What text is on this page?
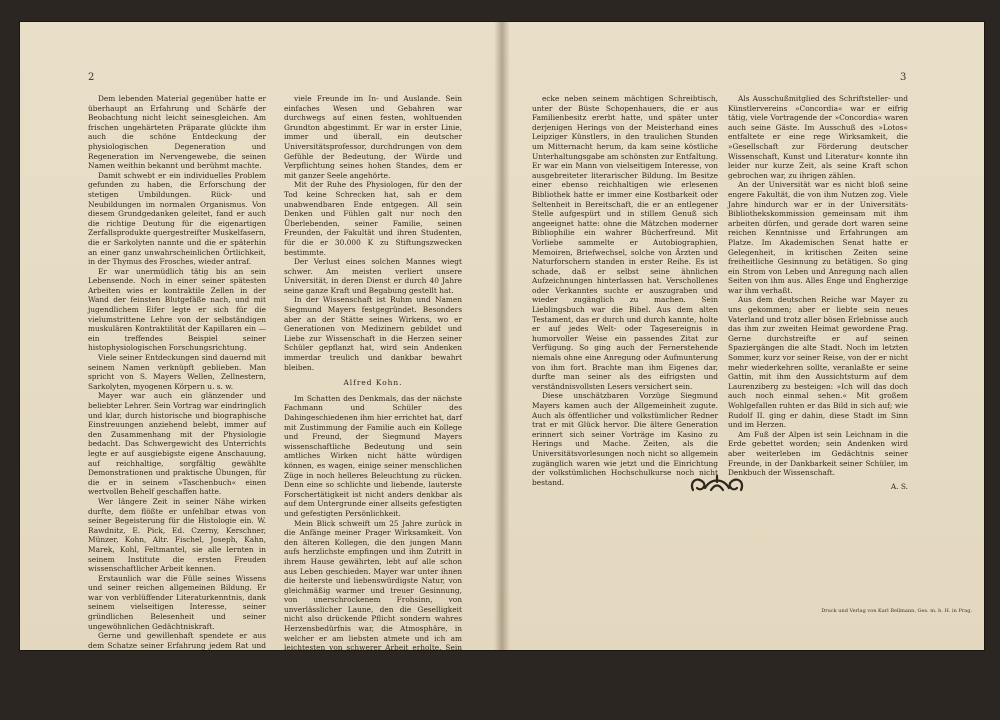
2

Dem lebenden Material gegenüber hatte er überhaupt an Erfahrung und Schärfe der Beobachtung nicht leicht seinesgleichen. Am frischen ungehärteten Präparate glückte ihm auch die schöne Entdeckung der physiologischen Degeneration und Regeneration im Nervengewebe, die seinen Namen weithin bekannt und berühmt machte.

Damit schwebt er ein individuelles Problem gefunden zu haben, die Erforschung der stetigen Umbildungen. Rück- und Neubildungen im normalen Organismus. Von diesem Grundgedanken geleitet, fand er auch die richtige Deutung für die eigenartigen Zerfallsprodukte quergestreifter Muskelfasern, die er Sarkolyten nannte und die er späterhin an einer ganz unwahrscheinlichen Örtlichkeit, in der Thymus des Frosches, wieder antraf.

Er war unermüdlich tätig bis an sein Lebensende. Noch in einer seiner spätesten Arbeiten wies er kontraktile Zellen in der Wand der feinsten Blutgefäße nach, und mit jugendlichem Eifer legte er sich für die vielumstrittene Lehre von der selbständigen muskulären Kontraktilität der Kapillaren ein — ein treffendes Beispiel seiner histophysiologischen Forschungsrichtung.

Viele seiner Entdeckungen sind dauernd mit seinem Namen verknüpft geblieben. Man spricht von S. Mayers Wellen, Zellnestern, Sarkolyten, myogenen Körpern u. s. w.

Mayer war auch ein glänzender und beliebter Lehrer. Sein Vortrag war eindringlich und klar, durch historische und biographische Einstreuungen anziehend belebt, immer auf den Zusammenhang mit der Physiologie bedacht. Das Schwergewicht des Unterrichts legte er auf ausgiebigste eigene Anschauung, auf reichhaltige, sorgfältig gewählte Demonstrationen und praktische Übungen, für die er in seinem »Taschenbuch« einen wertvollen Behelf geschaffen hatte.

Wer längere Zeit in seiner Nähe wirken durfte, dem flößte er unfehlbar etwas von seiner Begeisterung für die Histologie ein. W. Rawdnitz, E. Pick, Ed. Czerny, Kerschner, Münzer, Kohn, Altr. Fischel, Joseph, Kahn, Marek, Kohl, Feltmantel, sie alle lernten in seinem Institute die ersten Freuden wissenschaftlicher Arbeit kennen.

Erstaunlich war die Fülle seines Wissens und seiner reichen allgemeinen Bildung. Er war von verblüffender Literaturkenntnis, dank seinem vielseitigen Interesse, seiner gründlichen Belesenheit und seiner ungewöhnlichen Gedächtniskraft.

Gerne und gewillenhaft spendete er aus dem Schatze seiner Erfahrung jedem Rat und Auskunft. Kaum jemals ging einer, der mit Fragen kam, unbelehrt von ihm.

Durch sein stilles, gediegenes Wirken, seine vornehme, offene und sympathische Persönlichkeit gewann

viele Freunde im In- und Auslande. Sein einfaches Wesen und Gebahren war durchwegs auf einen festen, wohltuenden Grundton abgestimmt. Er war in erster Linie, immer und überall, ein deutscher Universitätsprofessor, durchdrungen von dem Gefühle der Bedeutung, der Würde und Verpflichtung seines hohen Standes, dem er mit ganzer Seele angehörte.

Mit der Ruhe des Physiologen, für den der Tod keine Schrecken hat, sah er dem unabwendbaren Ende entgegen. All sein Denken und Fühlen galt nur noch den Überlebenden, seiner Familie, seinen Freunden, der Fakultät und ihren Studenten, für die er 30.000 K zu Stiftungszwecken bestimmte.

Der Verlust eines solchen Mannes wiegt schwer. Am meisten verliert unsere Universität, in deren Dienst er durch 40 Jahre seine ganze Kraft und Begabung gestellt hat.

In der Wissenschaft ist Ruhm und Namen Siegmund Mayers festgegründet. Besonders aber an der Stätte seines Wirkens, wo er Generationen von Medizinern gebildet und Liebe zur Wissenschaft in die Herzen seiner Schüler gepflanzt hat, wird sein Andenken immerdar treulich und dankbar bewahrt bleiben.

Alfred Kohn.

Im Schatten des Denkmals, das der nächste Fachmann und Schüler des Dahingeschiedenen ihm hier errichtet hat, darf mit Zustimmung der Familie auch ein Kollege und Freund, der Siegmund Mayers wissenschaftliche Bedeutung und sein amtliches Wirken nicht hätte würdigen können, es wagen, einige seiner menschlichen Züge in noch helleres Beleuchtung zu rücken. Denn eine so schlichte und liebende, lauterste Forschertätigkeit ist nicht anders denkbar als auf dem Untergrunde einer allseits gefestigten und gefestigten Persönlichkeit.

Mein Blick schweift um 25 Jahre zurück in die Anfänge meiner Prager Wirksamkeit. Von den älteren Kollegen, die den jungen Mann aufs herzlichste empfingen und ihm Zutritt in ihrem Hause gewährten, lebt auf alle schon aus Leben geschieden. Mayer war unter ihnen die heiterste und liebenswürdigste Natur, von gleichmäßig warmer und treuer Gesinnung, von unerschrockenem Frohsinn, von unverlässlicher Laune, den die Geselligkeit nicht also drückende Pflicht sondern wahres Herzensbedürfnis war, die Atmosphäre, in welcher er am liebsten atmete und ich am leichtesten von schwerer Arbeit erholte. Sein gastliches Haus stand den Mitgliedern aller Fakultäten offen. Die berühmten Weingelände seiner rheinischen Heimat sandten ihre sonnigsten Grüße, und der gründliche Kenner ihres feinsten Aromas wurde nicht müde, aus dem Vollen zu spenden. In der heimeligen Plauder-

3

ecke neben seinem mächtigen Schreibtisch, unter der Büste Schopenhauers, die er aus Familienbesitz ererbt hatte, und später unter derjenigen Herings von der Meisterhand eines Leipziger Künstlers, in den traulichen Stunden um Mitternacht herum, da kam seine köstliche Unterhaltungsgabe am schönsten zur Entfaltung. Er war ein Mann von vielseitigem Interesse, von ausgebreiteter literarischer Bildung. Im Besitze einer ebenso reichhaltigen wie erlesenen Bibliothek hatte er immer eine Kostbarkeit oder Seltenheit in Bereitschaft, die er an entlegener Stelle aufgespürt und in stillem Genuß sich angeeignet hatte: ohne die Mätzchen moderner Bibliophilie ein wahrer Bücherfreund. Mit Vorliebe sammelte er Autobiographien, Memoiren, Briefwechsel, solche von Ärzten und Naturforschern standen in erster Reihe. Es ist schade, daß er selbst seine ähnlichen Aufzeichnungen hinterlassen hat. Verschollenes oder Verkanntes suchte er auszugraben und wieder zugänglich zu machen. Sein Lieblingsbuch war die Bibel. Aus dem alten Testament, das er durch und durch kannte, holte er auf jedes Welt- oder Tagesereignis in humorvoller Weise ein passendes Zitat zur Verfügung. So ging auch der Fernerstehende niemals ohne eine Anregung oder Aufmunterung von ihm fort. Brachte man ihm Eigenes dar, durfte man seiner als des eifrigsten und verständnisvollsten Lesers versichert sein.

Diese unschätzbaren Vorzüge Siegmund Mayers kamen auch der Allgemeinheit zugute. Auch als öffentlicher und volkstümlicher Redner trat er mit Glück hervor. Die ältere Generation erinnert sich seiner Vorträge im Kasino zu Herings und Mache. Zeiten, als die Universitätsvorlesungen noch nicht so allgemein zugänglich waren wie jetzt und die Einrichtung der volkstümlichen Hochschulkurse noch nicht bestand.

Als Ausschußmitglied des Schriftsteller- und Künstlervereins »Concordia« war er eifrig tätig, viele Vortragende der »Concordia« waren auch seine Gäste. Im Ausschuß des »Lotos« entfaltete er eine rege Wirksamkeit, die »Gesellschaft zur Förderung deutscher Wissenschaft, Kunst und Literatur« konnte ihn leider nur kurze Zeit, als seine Kraft schon gebrochen war, zu ihrigen zählen.

An der Universität war es nicht bloß seine engere Fakultät, die von ihm Nutzen zog. Viele Jahre hindurch war er in der Universitäts-Bibliothekskommission gemeinsam mit ihm arbeiten dürfen, und gerade dort waren seine reichen Kenntnisse und Erfahrungen am Platze. Im Akademischen Senat hatte er Gelegenheit, in kritischen Zeiten seine freiheitliche Gesinnung zu betätigen. So ging ein Strom von Leben und Anregung nach allen Seiten von ihm aus. Alles Enge und Engherzige war ihm verhaßt.

Aus dem deutschen Reiche war Mayer zu uns gekommen; aber er liebte sein neues Vaterland und trotz aller bösen Erlebnisse auch das ihm zur zweiten Heimat gewordene Prag. Gerne durchstreifte er auf seinen Spaziergängen die alte Stadt. Noch im letzten Sommer, kurz vor seiner Reise, von der er nicht mehr wiederkehren sollte, veranlaßte er seine Gattin, mit ihm den Aussichtsturm auf dem Laurenziberg zu besteigen: »Ich will das doch auch noch einmal sehen.« Mit großem Wohlgefallen ruhten er das Bild in sich auf; wie Rudolf II. ging er dahin, diese Stadt im Sinn und im Herzen.

Am Fuß der Alpen ist sein Leichnam in die Erde gebettet worden; sein Andenken wird aber weiterleben im Gedächtnis seiner Freunde, in der Dankbarkeit seiner Schüler, im Denkbuch der Wissenschaft.

A. S.

Druck und Verlag von Karl Bellmann, Ges. m. b. H. in Prag.
